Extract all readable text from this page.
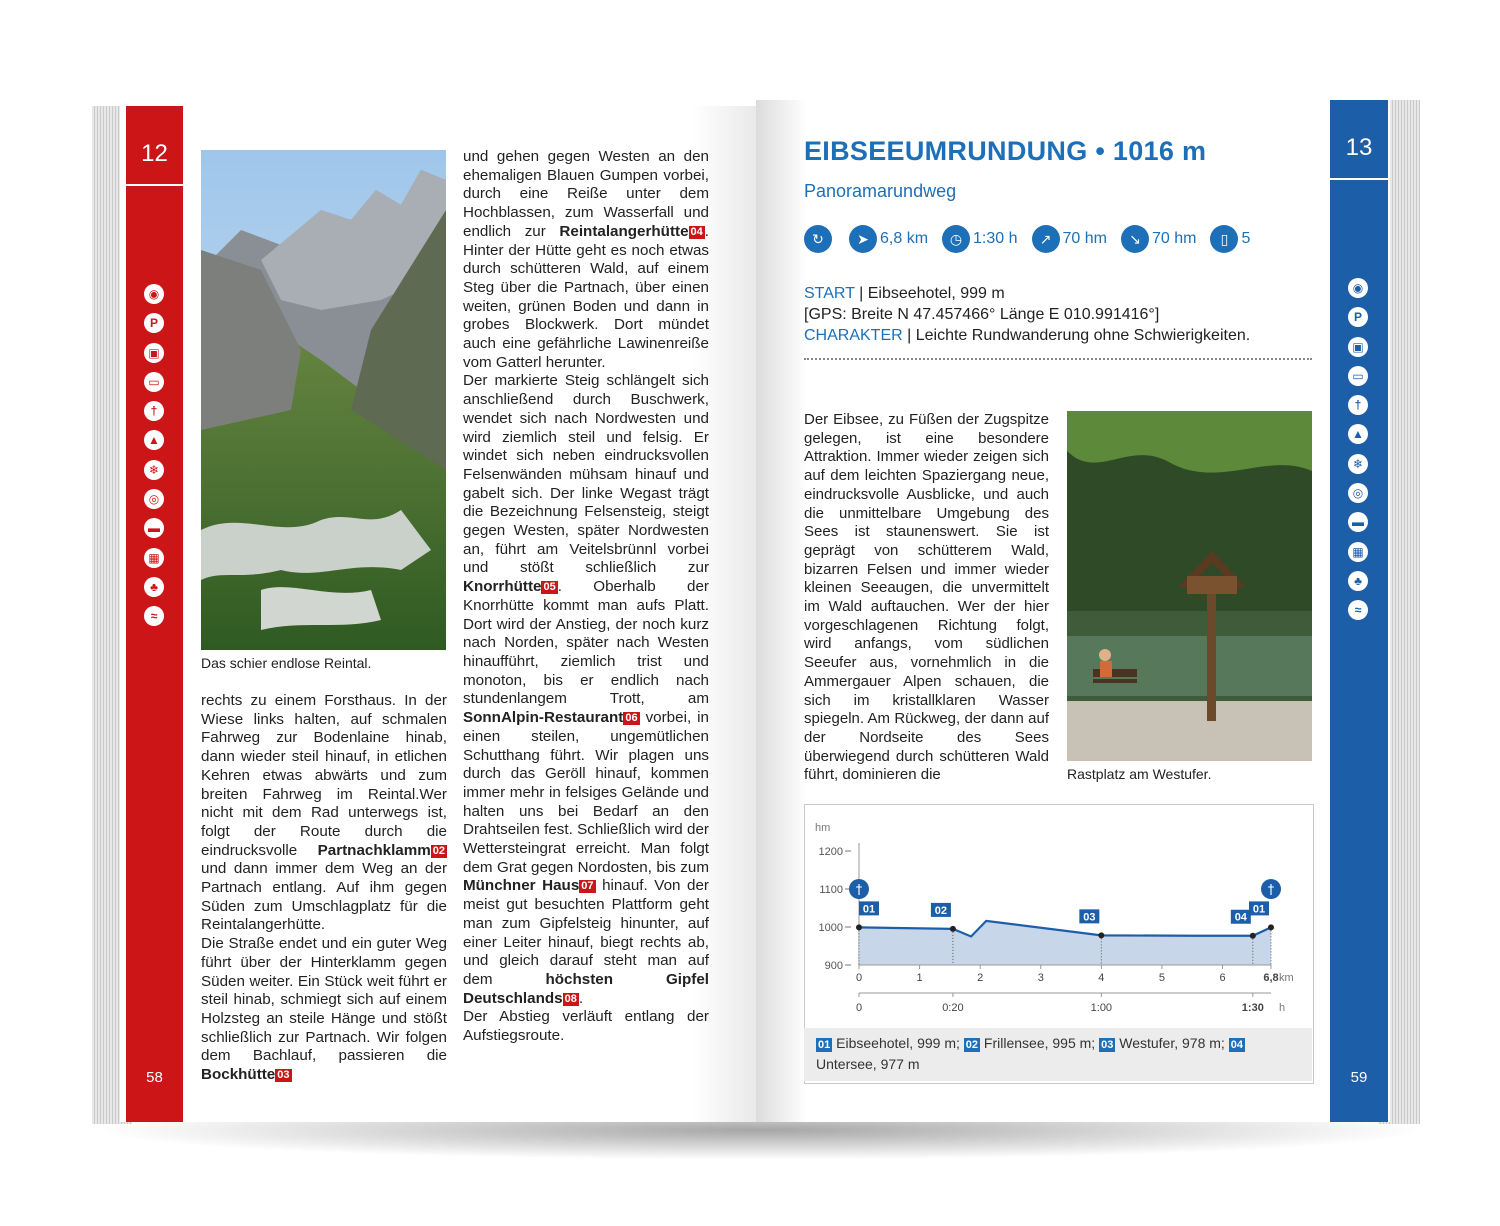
12
◉
P
▣
▭
†
▲
❄
◎
▬
▦
♣
≈
58
Das schier endlose Reintal.
rechts zu einem Forsthaus. In der Wiese links halten, auf schmalen Fahrweg zur Bodenlaine hinab, dann wieder steil hinauf, in etlichen Kehren etwas abwärts und zum breiten Fahrweg im Reintal.Wer nicht mit dem Rad unterwegs ist, folgt der Route durch die eindrucksvolle Partnachklamm 02 und dann immer dem Weg an der Partnach entlang. Auf ihm gegen Süden zum Umschlagplatz für die Reintalangerhütte.
Die Straße endet und ein guter Weg führt über der Hinterklamm gegen Süden weiter. Ein Stück weit führt er steil hinab, schmiegt sich auf einem Holzsteg an steile Hänge und stößt schließlich zur Partnach. Wir folgen dem Bachlauf, passieren die Bockhütte 03
und gehen gegen Westen an den ehemaligen Blauen Gumpen vorbei, durch eine Reiße unter dem Hochblassen, zum Wasserfall und endlich zur Reintalangerhütte 04 . Hinter der Hütte geht es noch etwas durch schütteren Wald, auf einem Steg über die Partnach, über einen weiten, grünen Boden und dann in grobes Blockwerk. Dort mündet auch eine gefährliche Lawinenreiße vom Gatterl herunter.
Der markierte Steig schlängelt sich anschließend durch Buschwerk, wendet sich nach Nordwesten und wird ziemlich steil und felsig. Er windet sich neben eindrucksvollen Felsenwänden mühsam hinauf und gabelt sich. Der linke Wegast trägt die Bezeichnung Felsensteig, steigt gegen Westen, später Nordwesten an, führt am Veitelsbrünnl vorbei und stößt schließlich zur Knorrhütte 05 . Oberhalb der Knorrhütte kommt man aufs Platt. Dort wird der Anstieg, der noch kurz nach Norden, später nach Westen hinaufführt, ziemlich trist und monoton, bis er endlich nach stundenlangem Trott, am SonnAlpin-Restaurant 06 vorbei, in einen steilen, ungemütlichen Schutthang führt. Wir plagen uns durch das Geröll hinauf, kommen immer mehr in felsiges Gelände und halten uns bei Bedarf an den Drahtseilen fest. Schließlich wird der Wettersteingrat erreicht. Man folgt dem Grat gegen Nordosten, bis zum Münchner Haus 07 hinauf. Von der meist gut besuchten Plattform geht man zum Gipfelsteig hinunter, auf einer Leiter hinauf, biegt rechts ab, und gleich darauf steht man auf dem höchsten Gipfel Deutschlands 08 .
Der Abstieg verläuft entlang der Aufstiegsroute.
13
◉
P
▣
▭
†
▲
❄
◎
▬
▦
♣
≈
59
EIBSEEUMRUNDUNG • 1016 m
Panoramarundweg
↻	➤ 6,8 km	◷ 1:30 h	↗ 70 hm	↘ 70 hm	▯ 5
START | Eibseehotel, 999 m
[GPS: Breite N 47.457466° Länge E 010.991416°]
CHARAKTER | Leichte Rundwanderung ohne Schwierigkeiten.
Der Eibsee, zu Füßen der Zugspitze gelegen, ist eine besondere Attraktion. Immer wieder zeigen sich auf dem leichten Spaziergang neue, eindrucksvolle Ausblicke, und auch die unmittelbare Umgebung des Sees ist staunenswert. Sie ist geprägt von schütterem Wald, bizarren Felsen und immer wieder kleinen Seeaugen, die unvermittelt im Wald auftauchen. Wer der hier vorgeschlagenen Richtung folgt, wird anfangs, vom südlichen Seeufer aus, vornehmlich in die Ammergauer Alpen schauen, die sich im kristallklaren Wasser spiegeln. Am Rückweg, der dann auf der Nordseite des Sees überwiegend durch schütteren Wald führt, dominieren die	Rastplatz am Westufer.
hm
900
1000
1100
1200
01	02
03	04
01
†	†
0	1	2	3	4	5	6	6,8 km
0	0:20	1:00	1:30 h
01 Eibseehotel, 999 m; 02 Frillensee, 995 m; 03 Westufer, 978 m; 04 Untersee, 977 m
